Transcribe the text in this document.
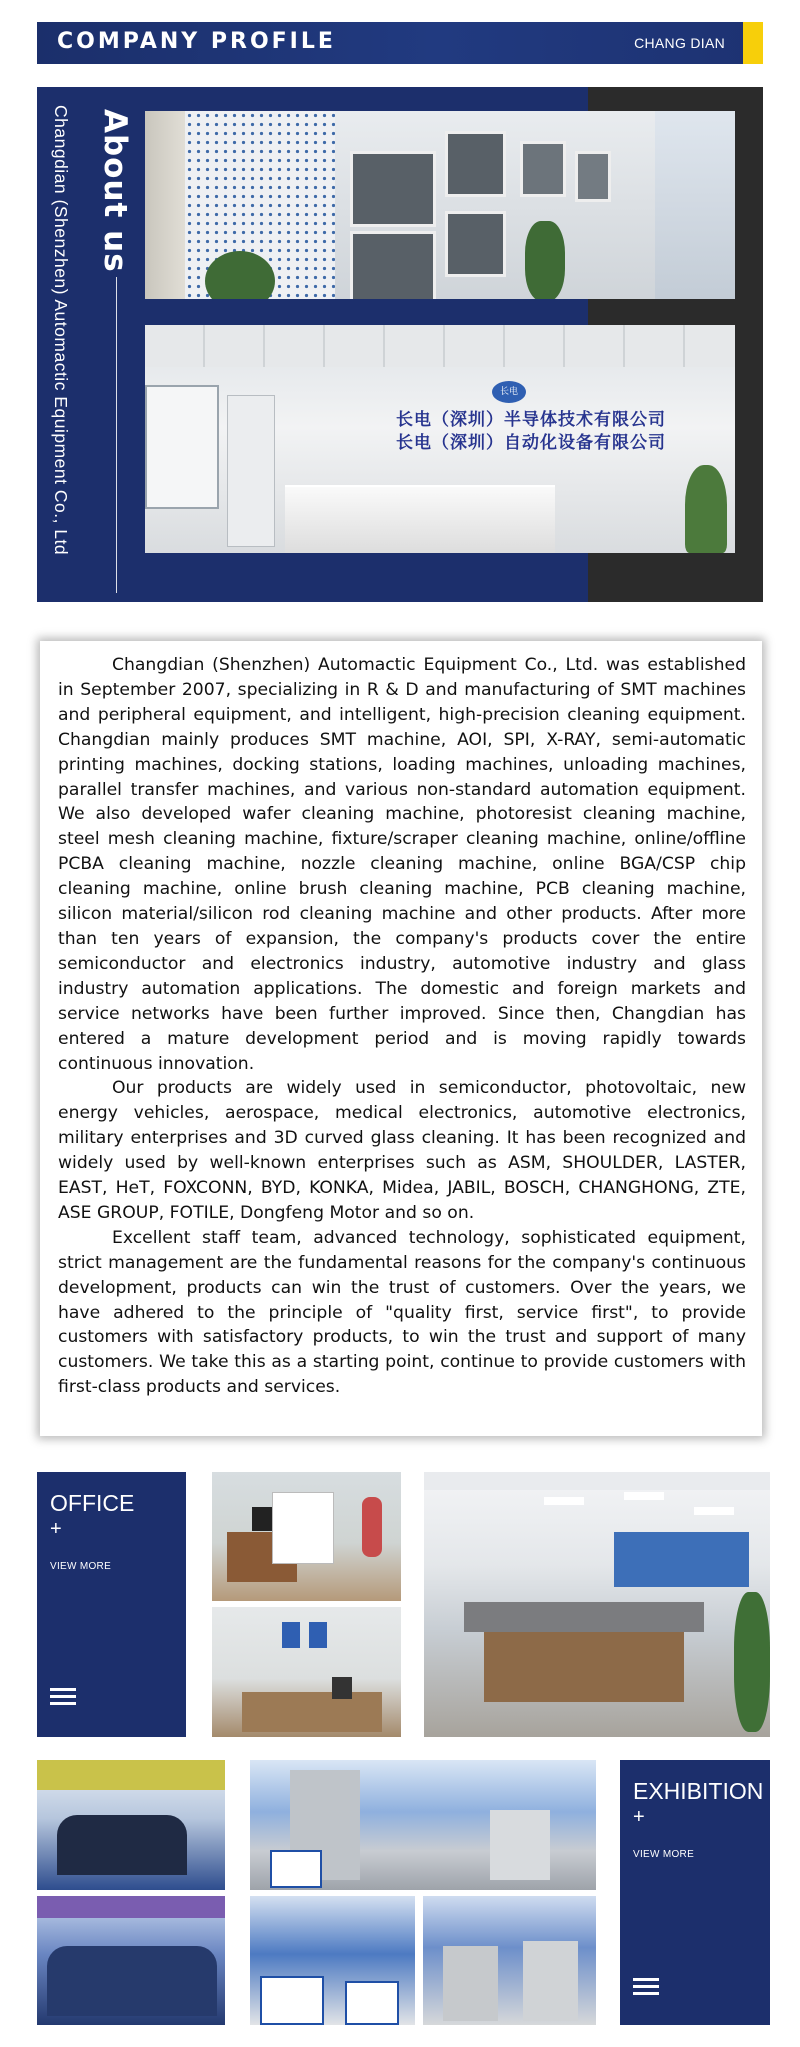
COMPANY PROFILE	CHANG DIAN
About us
Changdian (Shenzhen) Automactic Equipment Co., Ltd	长电
长电（深圳）半导体技术有限公司
长电（深圳）自动化设备有限公司

Changdian (Shenzhen) Automactic Equipment Co., Ltd. was established in September 2007, specializing in R & D and manufacturing of SMT machines and peripheral equipment, and intelligent, high-precision cleaning equipment. Changdian mainly produces SMT machine, AOI, SPI, X-RAY, semi-automatic printing machines, docking stations, loading machines, unloading machines, parallel transfer machines, and various non-standard automation equipment. We also developed wafer cleaning machine, photoresist cleaning machine, steel mesh cleaning machine, fixture/scraper cleaning machine, online/offline PCBA cleaning machine, nozzle cleaning machine, online BGA/CSP chip cleaning machine, online brush cleaning machine, PCB cleaning machine, silicon material/silicon rod cleaning machine and other products. After more than ten years of expansion, the company's products cover the entire semiconductor and electronics industry, automotive industry and glass industry automation applications. The domestic and foreign markets and service networks have been further improved. Since then, Changdian has entered a mature development period and is moving rapidly towards continuous innovation.

Our products are widely used in semiconductor, photovoltaic, new energy vehicles, aerospace, medical electronics, automotive electronics, military enterprises and 3D curved glass cleaning. It has been recognized and widely used by well-known enterprises such as ASM, SHOULDER, LASTER, EAST, HeT, FOXCONN, BYD, KONKA, Midea, JABIL, BOSCH, CHANGHONG, ZTE, ASE GROUP, FOTILE, Dongfeng Motor and so on.

Excellent staff team, advanced technology, sophisticated equipment, strict management are the fundamental reasons for the company's continuous development, products can win the trust of customers. Over the years, we have adhered to the principle of "quality first, service first", to provide customers with satisfactory products, to win the trust and support of many customers. We take this as a starting point, continue to provide customers with first-class products and services.

OFFICE
+
VIEW MORE
EXHIBITION
+
VIEW MORE
